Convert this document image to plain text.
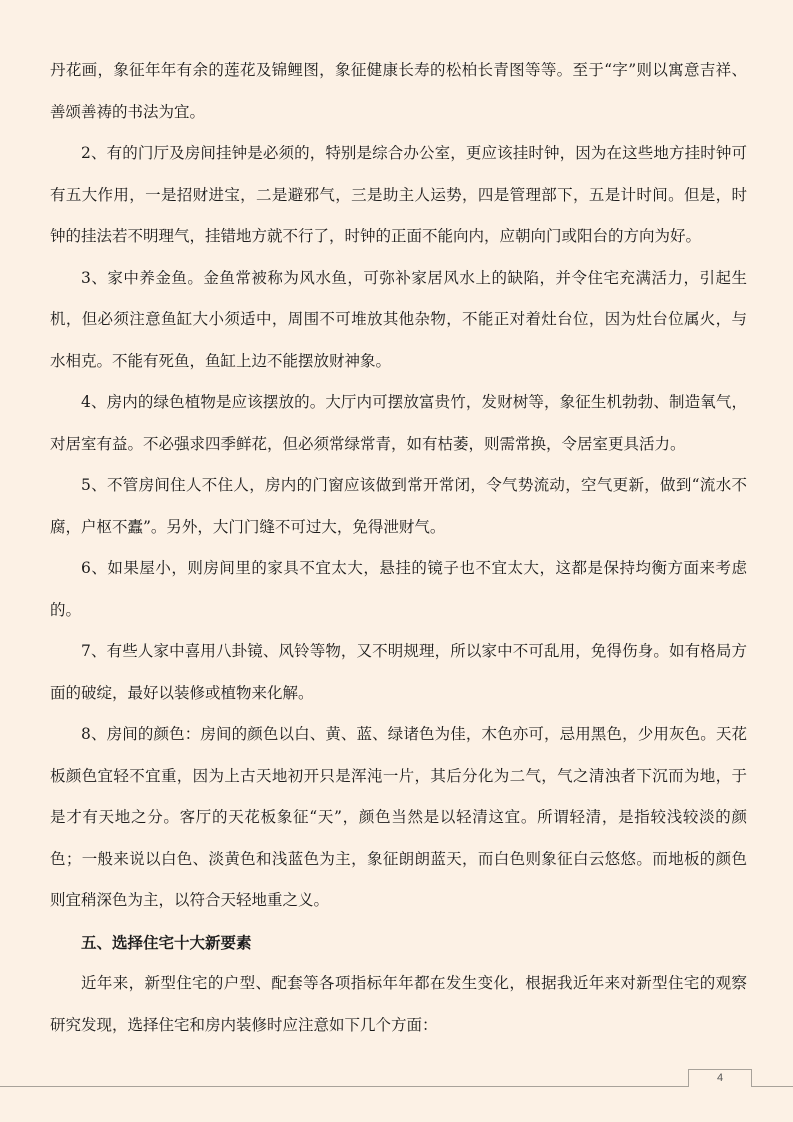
丹花画，象征年年有余的莲花及锦鲤图，象征健康长寿的松柏长青图等等。至于“字”则以寓意吉祥、善颂善祷的书法为宜。

2、有的门厅及房间挂钟是必须的，特别是综合办公室，更应该挂时钟，因为在这些地方挂时钟可有五大作用，一是招财进宝，二是避邪气，三是助主人运势，四是管理部下，五是计时间。但是，时钟的挂法若不明理气，挂错地方就不行了，时钟的正面不能向内，应朝向门或阳台的方向为好。

3、家中养金鱼。金鱼常被称为风水鱼，可弥补家居风水上的缺陷，并令住宅充满活力，引起生机，但必须注意鱼缸大小须适中，周围不可堆放其他杂物，不能正对着灶台位，因为灶台位属火，与水相克。不能有死鱼，鱼缸上边不能摆放财神象。

4、房内的绿色植物是应该摆放的。大厅内可摆放富贵竹，发财树等，象征生机勃勃、制造氧气，对居室有益。不必强求四季鲜花，但必须常绿常青，如有枯萎，则需常换，令居室更具活力。

5、不管房间住人不住人，房内的门窗应该做到常开常闭，令气势流动，空气更新，做到“流水不腐，户枢不蠹”。另外，大门门缝不可过大，免得泄财气。

6、如果屋小，则房间里的家具不宜太大，悬挂的镜子也不宜太大，这都是保持均衡方面来考虑的。

7、有些人家中喜用八卦镜、风铃等物，又不明规理，所以家中不可乱用，免得伤身。如有格局方面的破绽，最好以装修或植物来化解。

8、房间的颜色：房间的颜色以白、黄、蓝、绿诸色为佳，木色亦可，忌用黑色，少用灰色。天花板颜色宜轻不宜重，因为上古天地初开只是浑沌一片，其后分化为二气，气之清浊者下沉而为地，于是才有天地之分。客厅的天花板象征“天”，颜色当然是以轻清这宜。所谓轻清，是指较浅较淡的颜色；一般来说以白色、淡黄色和浅蓝色为主，象征朗朗蓝天，而白色则象征白云悠悠。而地板的颜色则宜稍深色为主，以符合天轻地重之义。

五、选择住宅十大新要素

近年来，新型住宅的户型、配套等各项指标年年都在发生变化，根据我近年来对新型住宅的观察研究发现，选择住宅和房内装修时应注意如下几个方面：

4
